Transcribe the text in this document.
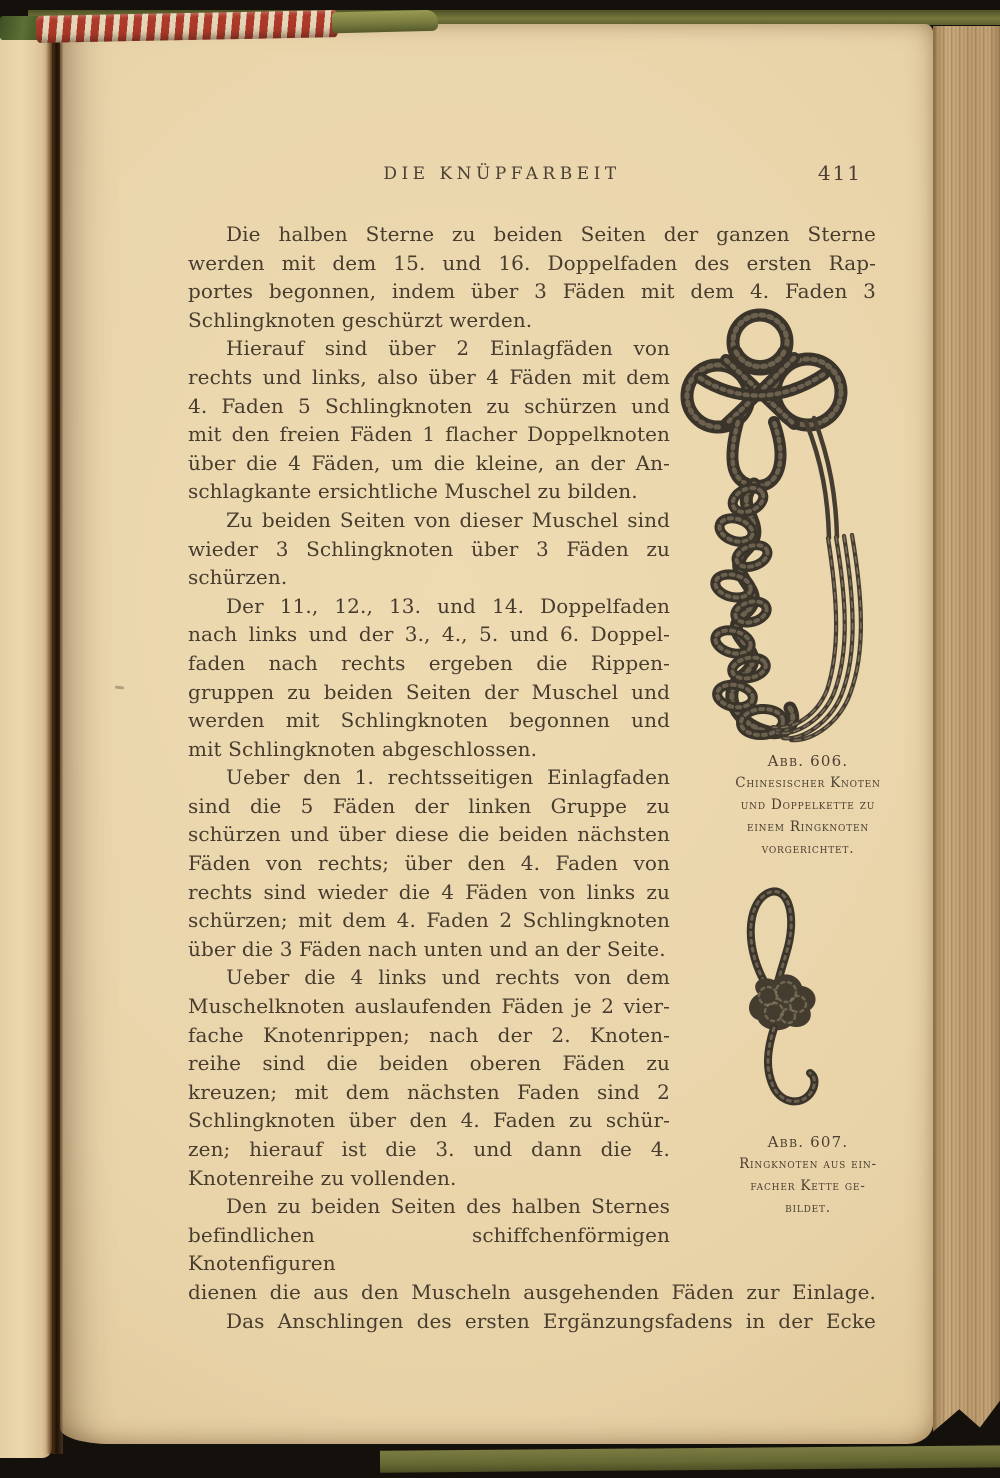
DIE KNÜPFARBEIT	411
Die halben Sterne zu beiden Seiten der ganzen Sterne
werden mit dem 15. und 16. Doppelfaden des ersten Rap-
portes begonnen, indem über 3 Fäden mit dem 4. Faden 3
Schlingknoten geschürzt werden.
Abb. 606.
Chinesischer Knoten
und Doppelkette zu
einem Ringknoten
vorgerichtet.
Abb. 607.
Ringknoten aus ein-
facher Kette ge-
bildet.
Hierauf sind über 2 Einlagfäden von
rechts und links, also über 4 Fäden mit dem
4. Faden 5 Schlingknoten zu schürzen und
mit den freien Fäden 1 flacher Doppelknoten
über die 4 Fäden, um die kleine, an der An-
schlagkante ersichtliche Muschel zu bilden.
Zu beiden Seiten von dieser Muschel sind
wieder 3 Schlingknoten über 3 Fäden zu
schürzen.
Der 11., 12., 13. und 14. Doppelfaden
nach links und der 3., 4., 5. und 6. Doppel-
faden nach rechts ergeben die Rippen-
gruppen zu beiden Seiten der Muschel und
werden mit Schlingknoten begonnen und
mit Schlingknoten abgeschlossen.
Ueber den 1. rechtsseitigen Einlagfaden
sind die 5 Fäden der linken Gruppe zu
schürzen und über diese die beiden nächsten
Fäden von rechts; über den 4. Faden von
rechts sind wieder die 4 Fäden von links zu
schürzen; mit dem 4. Faden 2 Schlingknoten
über die 3 Fäden nach unten und an der Seite.
Ueber die 4 links und rechts von dem
Muschelknoten auslaufenden Fäden je 2 vier-
fache Knotenrippen; nach der 2. Knoten-
reihe sind die beiden oberen Fäden zu
kreuzen; mit dem nächsten Faden sind 2
Schlingknoten über den 4. Faden zu schür-
zen; hierauf ist die 3. und dann die 4.
Knotenreihe zu vollenden.
Den zu beiden Seiten des halben Sternes
befindlichen schiffchenförmigen Knotenfiguren
dienen die aus den Muscheln ausgehenden Fäden zur Einlage.
Das Anschlingen des ersten Ergänzungsfadens in der Ecke
